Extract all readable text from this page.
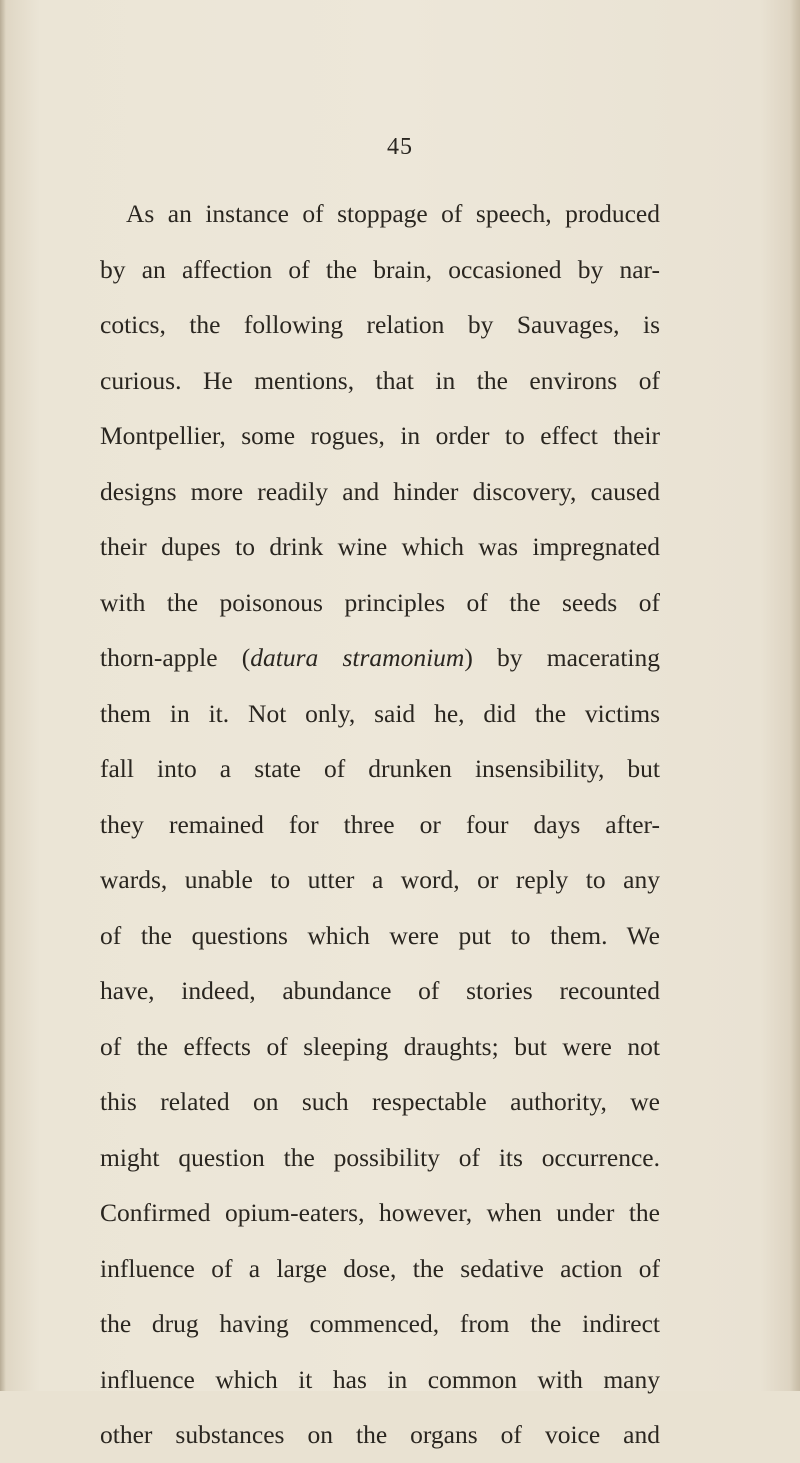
45
As an instance of stoppage of speech, produced
by an affection of the brain, occasioned by nar-
cotics, the following relation by Sauvages, is
curious. He mentions, that in the environs of
Montpellier, some rogues, in order to effect their
designs more readily and hinder discovery, caused
their dupes to drink wine which was impregnated
with the poisonous principles of the seeds of
thorn-apple (datura stramonium) by macerating
them in it. Not only, said he, did the victims
fall into a state of drunken insensibility, but
they remained for three or four days after-
wards, unable to utter a word, or reply to any
of the questions which were put to them. We
have, indeed, abundance of stories recounted
of the effects of sleeping draughts; but were not
this related on such respectable authority, we
might question the possibility of its occurrence.
Confirmed opium-eaters, however, when under the
influence of a large dose, the sedative action of
the drug having commenced, from the indirect
influence which it has in common with many
other substances on the organs of voice and
